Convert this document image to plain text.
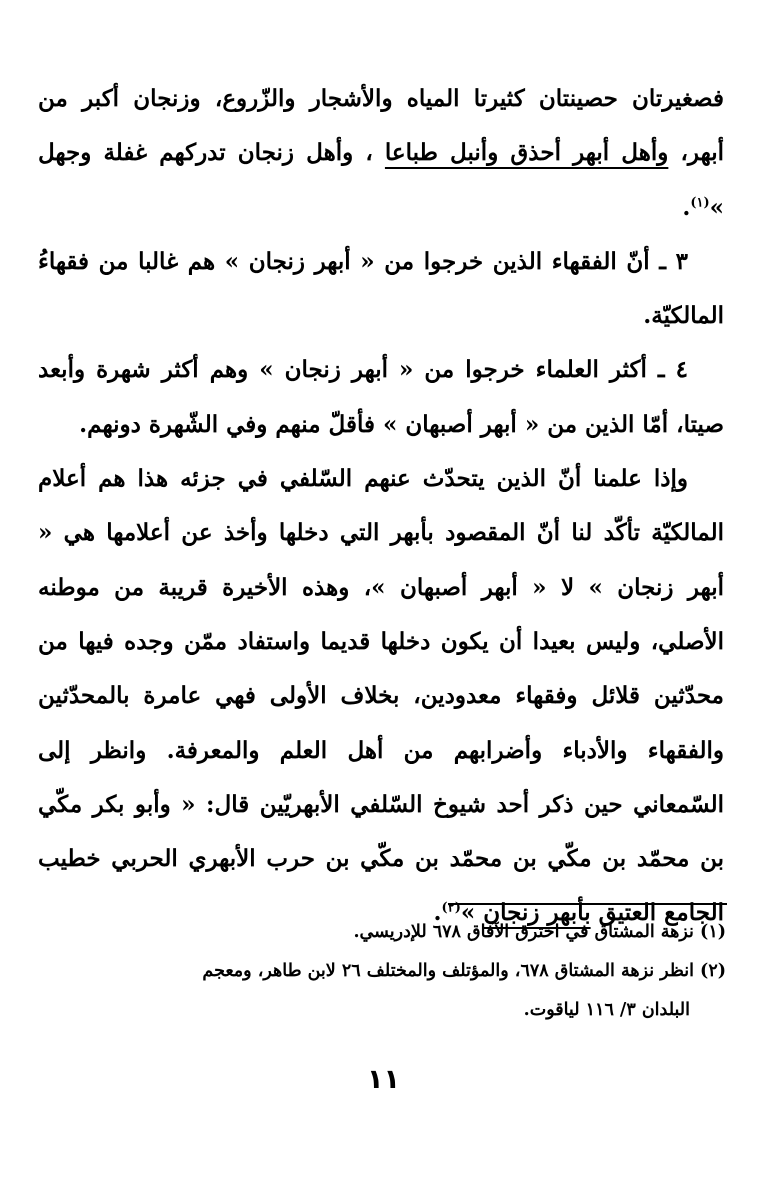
فصغيرتان حصينتان كثيرتا المياه والأشجار والزّروع، وزنجان أكبر من أبهر، وأهل أبهر أحذق وأنبل طباعا ، وأهل زنجان تدركهم غفلة وجهل »$^{(١)}$.

٣ ـ أنّ الفقهاء الذين خرجوا من « أبهر زنجان » هم غالبا من فقهاءُ المالكيّة.

٤ ـ أكثر العلماء خرجوا من « أبهر زنجان » وهم أكثر شهرة وأبعد صيتا، أمّا الذين من « أبهر أصبهان » فأقلّ منهم وفي الشّهرة دونهم.

وإذا علمنا أنّ الذين يتحدّث عنهم السّلفي في جزئه هذا هم أعلام المالكيّة تأكّد لنا أنّ المقصود بأبهر التي دخلها وأخذ عن أعلامها هي « أبهر زنجان » لا « أبهر أصبهان »، وهذه الأخيرة قريبة من موطنه الأصلي، وليس بعيدا أن يكون دخلها قديما واستفاد ممّن وجده فيها من محدّثين قلائل وفقهاء معدودين، بخلاف الأولى فهي عامرة بالمحدّثين والفقهاء والأدباء وأضرابهم من أهل العلم والمعرفة. وانظر إلى السّمعاني حين ذكر أحد شيوخ السّلفي الأبهريّين قال: « وأبو بكر مكّي بن محمّد بن مكّي بن محمّد بن مكّي بن حرب الأبهري الحربي خطيب الجامع العتيق بأبهر زنجان »$^{(٢)}$.

(١) نزهة المشتاق في اخترق الآفاق ٦٧٨ للإدريسي.

(٢) انظر نزهة المشتاق ٦٧٨، والمؤتلف والمختلف ٢٦ لابن طاهر، ومعجم
البلدان ٣/ ١١٦ لياقوت.

١١
